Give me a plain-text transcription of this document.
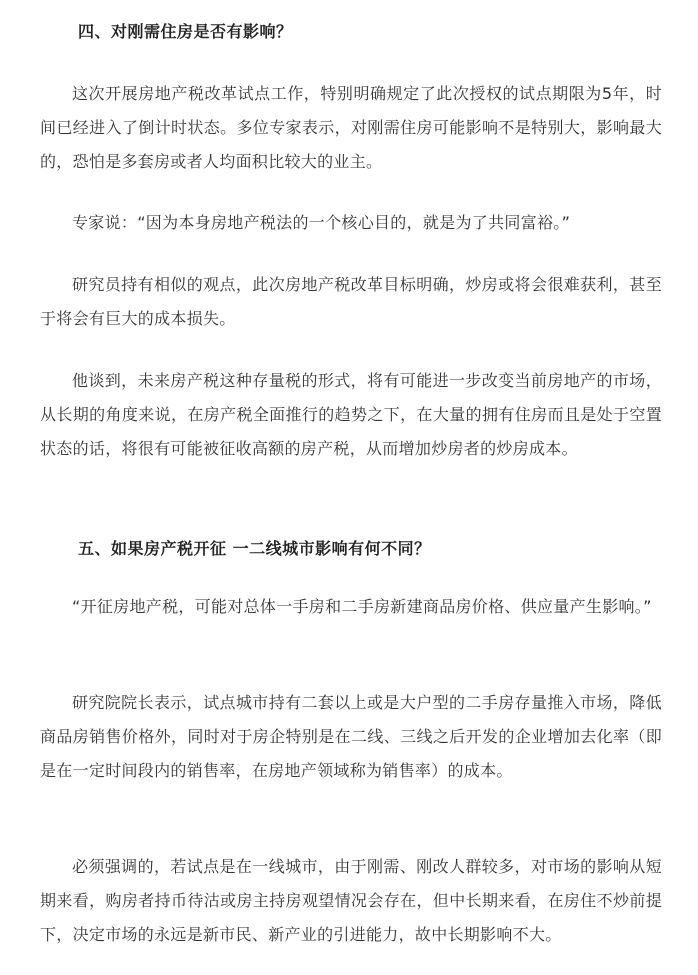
四、对刚需住房是否有影响？

这次开展房地产税改革试点工作，特别明确规定了此次授权的试点期限为5年，时间已经进入了倒计时状态。多位专家表示，对刚需住房可能影响不是特别大，影响最大的，恐怕是多套房或者人均面积比较大的业主。

专家说：“因为本身房地产税法的一个核心目的，就是为了共同富裕。”

研究员持有相似的观点，此次房地产税改革目标明确，炒房或将会很难获利，甚至于将会有巨大的成本损失。

他谈到，未来房产税这种存量税的形式，将有可能进一步改变当前房地产的市场，从长期的角度来说，在房产税全面推行的趋势之下，在大量的拥有住房而且是处于空置状态的话，将很有可能被征收高额的房产税，从而增加炒房者的炒房成本。

五、如果房产税开征 一二线城市影响有何不同？

“开征房地产税，可能对总体一手房和二手房新建商品房价格、供应量产生影响。”

研究院院长表示，试点城市持有二套以上或是大户型的二手房存量推入市场，降低商品房销售价格外，同时对于房企特别是在二线、三线之后开发的企业增加去化率（即是在一定时间段内的销售率，在房地产领域称为销售率）的成本。

必须强调的，若试点是在一线城市，由于刚需、刚改人群较多，对市场的影响从短期来看，购房者持币待沽或房主持房观望情况会存在，但中长期来看，在房住不炒前提下，决定市场的永远是新市民、新产业的引进能力，故中长期影响不大。
